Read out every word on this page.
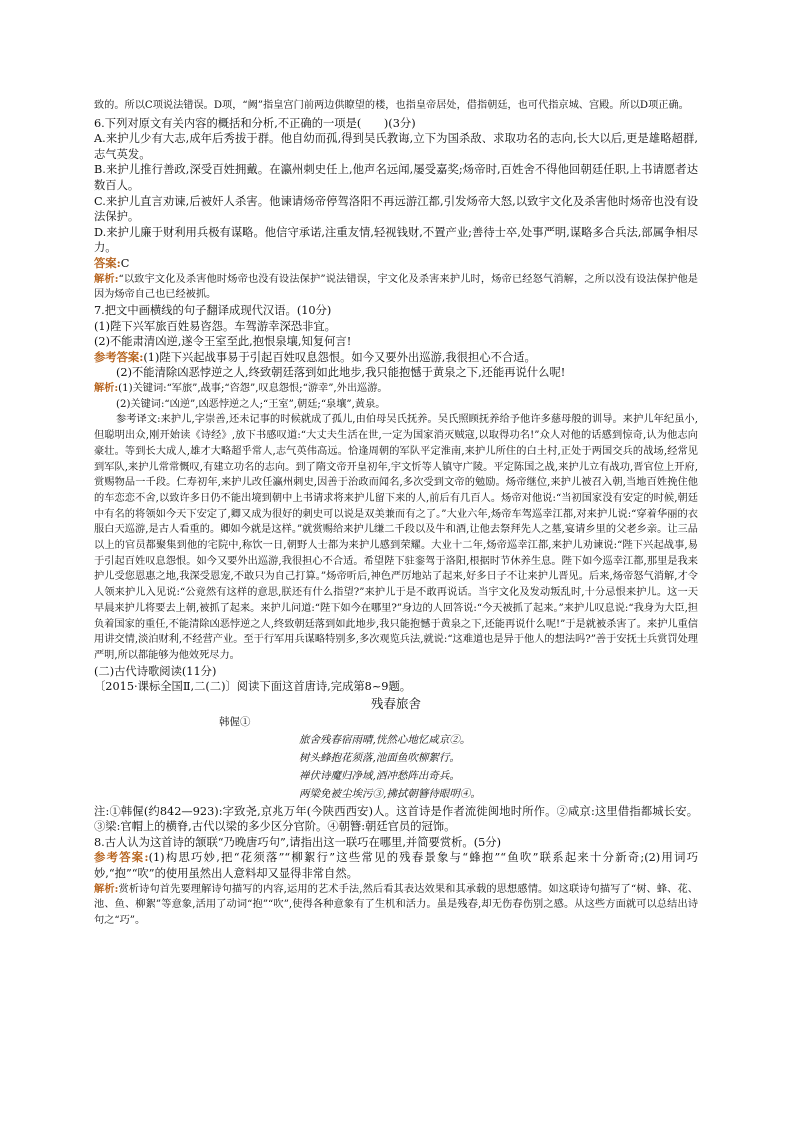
致的。所以C项说法错误。D项，“阙”指皇宫门前两边供瞭望的楼，也指皇帝居处，借指朝廷，也可代指京城、宫殿。所以D项正确。

6.下列对原文有关内容的概括和分析,不正确的一项是(　　)(3分)

A.来护儿少有大志,成年后秀拔于群。他自幼而孤,得到吴氏教诲,立下为国杀敌、求取功名的志向,长大以后,更是雄略超群,志气英发。

B.来护儿推行善政,深受百姓拥戴。在瀛州刺史任上,他声名远闻,屡受嘉奖;炀帝时,百姓舍不得他回朝廷任职,上书请愿者达数百人。

C.来护儿直言劝谏,后被奸人杀害。他谏请炀帝停驾洛阳不再远游江都,引发炀帝大怒,以致宇文化及杀害他时炀帝也没有设法保护。

D.来护儿廉于财利用兵极有谋略。他信守承诺,注重友情,轻视钱财,不置产业;善待士卒,处事严明,谋略多合兵法,部属争相尽力。

答案:C

解析:“以致宇文化及杀害他时炀帝也没有设法保护”说法错误，宇文化及杀害来护儿时，炀帝已经怒气消解，之所以没有设法保护他是因为炀帝自己也已经被抓。

7.把文中画横线的句子翻译成现代汉语。(10分)

(1)陛下兴军旅百姓易咨怨。车驾游幸深恐非宜。

(2)不能肃清凶逆,遂令王室至此,抱恨泉壤,知复何言!

参考答案:(1)陛下兴起战事易于引起百姓叹息怨恨。如今又要外出巡游,我很担心不合适。

(2)不能清除凶恶悖逆之人,终致朝廷落到如此地步,我只能抱憾于黄泉之下,还能再说什么呢!

解析:(1)关键词:“军旅”,战事;“咨怨”,叹息怨恨;“游幸”,外出巡游。

(2)关键词:“凶逆”,凶恶悖逆之人;“王室”,朝廷;“泉壤”,黄泉。

参考译文:来护儿,字崇善,还未记事的时候就成了孤儿,由伯母吴氏抚养。吴氏照顾抚养给予他许多慈母般的训导。来护儿年纪虽小,但聪明出众,刚开始读《诗经》,放下书感叹道:“大丈夫生活在世,一定为国家消灭贼寇,以取得功名!”众人对他的话感到惊奇,认为他志向豪壮。等到长大成人,雄才大略超乎常人,志气英伟高远。恰逢周朝的军队平定淮南,来护儿所住的白土村,正处于两国交兵的战场,经常见到军队,来护儿常常慨叹,有建立功名的志向。到了隋文帝开皇初年,宇文忻等人镇守广陵。平定陈国之战,来护儿立有战功,晋官位上开府,赏赐物品一千段。仁寿初年,来护儿改任瀛州刺史,因善于治政而闻名,多次受到文帝的勉励。炀帝继位,来护儿被召入朝,当地百姓挽住他的车恋恋不舍,以致许多日仍不能出境到朝中上书请求将来护儿留下来的人,前后有几百人。炀帝对他说:“当初国家没有安定的时候,朝廷中有名的将领如今天下安定了,卿又成为很好的刺史可以说是双美兼而有之了。”大业六年,炀帝车驾巡幸江都,对来护儿说:“穿着华丽的衣服白天巡游,是古人看重的。卿如今就是这样。”就赏赐给来护儿缣二千段以及牛和酒,让他去祭拜先人之墓,宴请乡里的父老乡亲。让三品以上的官员都聚集到他的宅院中,称饮一日,朝野人士都为来护儿感到荣耀。大业十二年,炀帝巡幸江都,来护儿劝谏说:“陛下兴起战事,易于引起百姓叹息怨恨。如今又要外出巡游,我很担心不合适。希望陛下驻銮驾于洛阳,根据时节休养生息。陛下如今巡幸江都,那里是我来护儿受您恩惠之地,我深受恩宠,不敢只为自己打算。”炀帝听后,神色严厉地站了起来,好多日子不让来护儿晋见。后来,炀帝怒气消解,才令人领来护儿入见说:“公竟然有这样的意思,朕还有什么指望?”来护儿于是不敢再说话。当宇文化及发动叛乱时,十分忌恨来护儿。这一天早晨来护儿将要去上朝,被抓了起来。来护儿问道:“陛下如今在哪里?”身边的人回答说:“今天被抓了起来。”来护儿叹息说:“我身为大臣,担负着国家的重任,不能清除凶恶悖逆之人,终致朝廷落到如此地步,我只能抱憾于黄泉之下,还能再说什么呢!”于是就被杀害了。来护儿重信用讲交情,淡泊财利,不经营产业。至于行军用兵谋略特别多,多次观览兵法,就说:“这难道也是异于他人的想法吗?”善于安抚士兵赏罚处理严明,所以都能够为他效死尽力。

(二)古代诗歌阅读(11分)

〔2015·课标全国Ⅱ,二(二)〕阅读下面这首唐诗,完成第8~9题。

残春旅舍

韩偓①

旅舍残春宿雨晴,恍然心地忆咸京②。

树头蜂抱花须落,池面鱼吹柳絮行。

禅伏诗魔归净域,酒冲愁阵出奇兵。

两梁免被尘埃污③,拂拭朝簪待眼明④。

注:①韩偓(约842—923):字致尧,京兆万年(今陕西西安)人。这首诗是作者流徙闽地时所作。②咸京:这里借指都城长安。③梁:官帽上的横脊,古代以梁的多少区分官阶。④朝簪:朝廷官员的冠饰。

8.古人认为这首诗的颔联“乃晚唐巧句”,请指出这一联巧在哪里,并简要赏析。(5分)

参考答案:(1)构思巧妙,把“花须落”“柳絮行”这些常见的残春景象与“蜂抱”“鱼吹”联系起来十分新奇;(2)用词巧妙,“抱”“吹”的使用虽然出人意料却又显得非常自然。

解析:赏析诗句首先要理解诗句描写的内容,运用的艺术手法,然后看其表达效果和其承载的思想感情。如这联诗句描写了“树、蜂、花、池、鱼、柳絮”等意象,活用了动词“抱”“吹”,使得各种意象有了生机和活力。虽是残春,却无伤春伤别之感。从这些方面就可以总结出诗句之“巧”。
